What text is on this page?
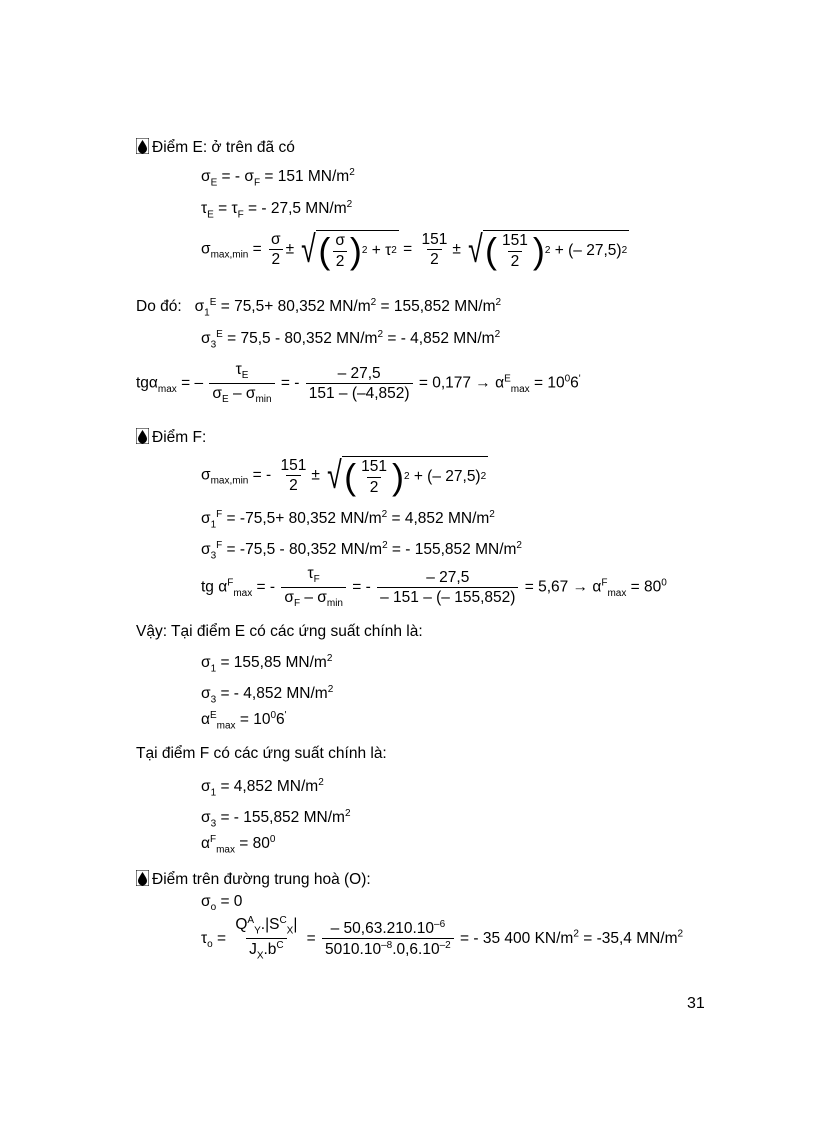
Điểm E: ở trên đã có
$\sigma_E$ = - $\sigma_F = 151$ $MN/m^2$
$\tau_E = \tau_F$ = - 27,5 $MN/m^2$
$\sigma_{max,min} = \frac{\sigma}{2}$ ± √ ( $\frac{\sigma}{2}$ ) 2 + τ $2 = \frac{151}{2}$ ± √ ( $\frac{151}{2}$ ) 2 + (– 27,5) 2
Do đó:   $\sigma_1^E = 75,5+ 80,352$ $MN/m^2 = 155,852$ $MN/m^2$
$\sigma_3^E = 75,5 - 80,352$ $MN/m^2$ = - 4,852 $MN/m^2$
tgα$_{max}$ = – $\frac{\tau_E}{\sigma_E - \sigma_{min}}$ = - $\frac{- 27,5}{151 - (-4,852)} = 0,177 \to \alpha^E_{max} = 10^06'$
Điểm F:
$\sigma_{max,min}$ = - $\frac{151}{2}$ ± √ ( $\frac{151}{2}$ ) 2 + (– 27,5) 2
$\sigma_1^F = -75,5+ 80,352$ $MN/m^2 = 4,852$ $MN/m^2$
$\sigma_3^F = -75,5 - 80,352$ $MN/m^2$ = - 155,852 $MN/m^2$
tg $\alpha^F_{max}$ = - $\frac{\tau_F}{\sigma_F - \sigma_{min}}$ = - $\frac{- 27,5}{- 151 - (- 155,852)} = 5,67 \to \alpha^F_{max} = 80^0$
Vậy: Tại điểm E có các ứng suất chính là:
$\sigma_1 = 155,85$ $MN/m^2$
$\sigma_3$ = - 4,852 $MN/m^2$
$\alpha^E_{max} = 10^06'$
Tại điểm F có các ứng suất chính là:
$\sigma_1 = 4,852$ $MN/m^2$
$\sigma_3$ = - 155,852 $MN/m^2$
$\alpha^F_{max} = 80^0$
Điểm trên đường trung hoà (O):
$\sigma_o = 0$
$\tau_o = \frac{Q^A_Y.|S^C_X|}{J_X.b^C} = \frac{- 50,63.210.10^{-6}}{5010.10^{-8}.0,6.10^{-2}}$ = - 35 400 $KN/m^2 = -35,4$ $MN/m^2$
31
